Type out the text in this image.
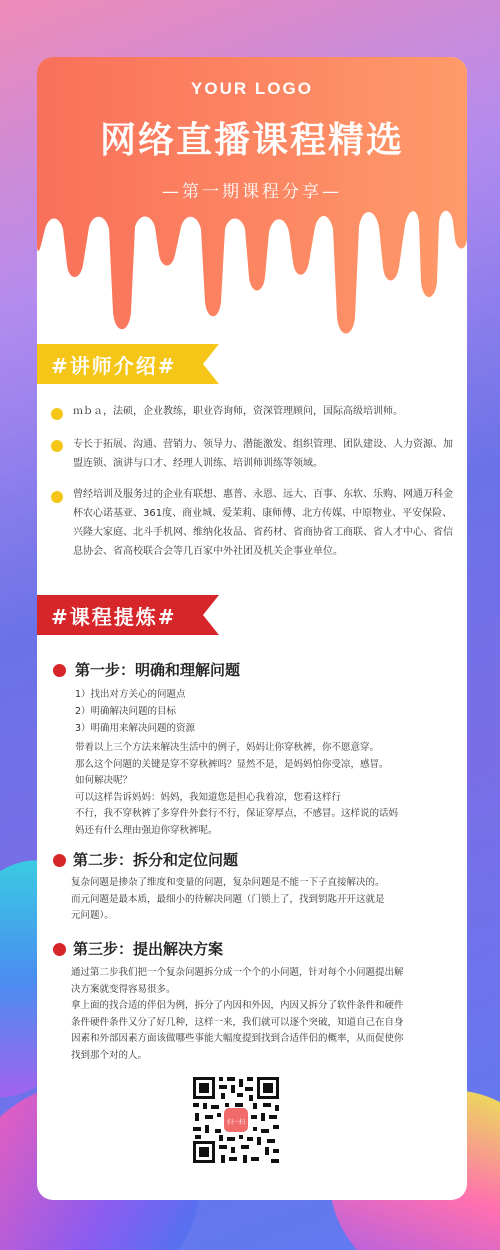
YOUR LOGO
网络直播课程精选
—第一期课程分享—
#讲师介绍#
ｍｂａ，法硕，企业教练，职业咨询师，资深管理顾问，国际高级培训师。
专长于拓展、沟通、营销力、领导力、潜能激发、组织管理、团队建设、人力资源、加盟连锁、演讲与口才、经理人训练、培训师训练等领域。
曾经培训及服务过的企业有联想、惠普、永恩、远大、百事、东软、乐购、网通万科金杯农心诺基亚、361度、商业城、爱茉莉、康师傅、北方传媒、中原物业、平安保险、兴隆大家庭、北斗手机网、维纳化妆品、省药材、省商协省工商联、省人才中心、省信息协会、省高校联合会等几百家中外社团及机关企事业单位。
#课程提炼#
第一步：明确和理解问题
1）找出对方关心的问题点
2）明确解决问题的目标
3）明确用来解决问题的资源
带着以上三个方法来解决生活中的例子，妈妈让你穿秋裤，你不愿意穿。
那么这个问题的关键是穿不穿秋裤吗？显然不是，是妈妈怕你受凉，感冒。
如何解决呢？
可以这样告诉妈妈：妈妈，我知道您是担心我着凉，您看这样行
不行，我不穿秋裤了多穿件外套行不行，保证穿厚点，不感冒。这样说的话妈
妈还有什么理由强迫你穿秋裤呢。
第二步：拆分和定位问题
复杂问题是掺杂了维度和变量的问题，复杂问题是不能一下子直接解决的。
而元问题是最本质，最细小的待解决问题（门锁上了，找到钥匙开开这就是
元问题）。
第三步：提出解决方案
通过第二步我们把一个复杂问题拆分成一个个的小问题，针对每个小问题提出解
决方案就变得容易很多。
拿上面的找合适的伴侣为例，拆分了内因和外因，内因又拆分了软件条件和硬件
条件硬件条件又分了好几种，这样一来，我们就可以逐个突破，知道自己在自身
因素和外部因素方面该做哪些事能大幅度提到找到合适伴侣的概率，从而促使你
找到那个对的人。
扫一扫
